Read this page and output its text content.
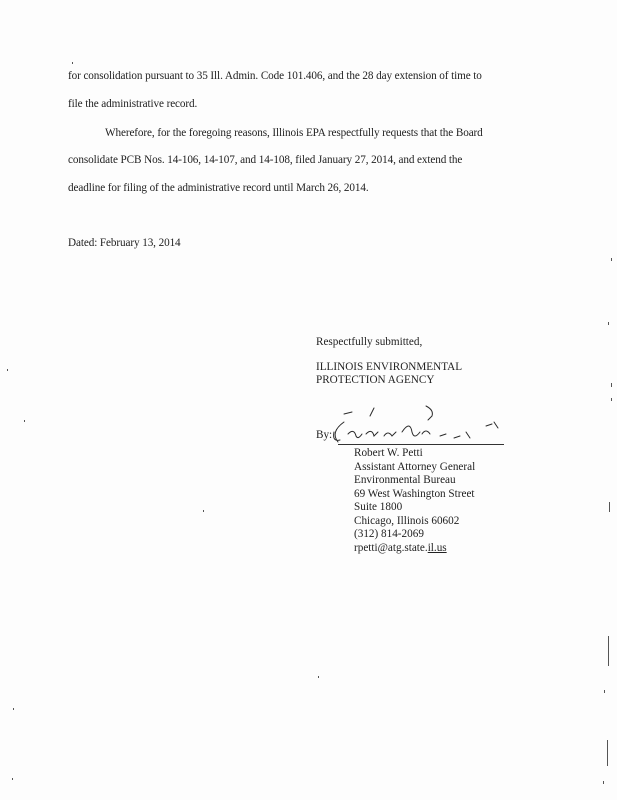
for consolidation pursuant to 35 Ill. Admin. Code 101.406, and the 28 day extension of time to
file the administrative record.
Wherefore, for the foregoing reasons, Illinois EPA respectfully requests that the Board
consolidate PCB Nos. 14-106, 14-107, and 14-108, filed January 27, 2014, and extend the
deadline for filing of the administrative record until March 26, 2014.
Dated: February 13, 2014
Respectfully submitted,
ILLINOIS ENVIRONMENTAL
PROTECTION AGENCY
By:
Robert W. Petti
Assistant Attorney General
Environmental Bureau
69 West Washington Street
Suite 1800
Chicago, Illinois 60602
(312) 814-2069
rpetti@atg.state.il.us
